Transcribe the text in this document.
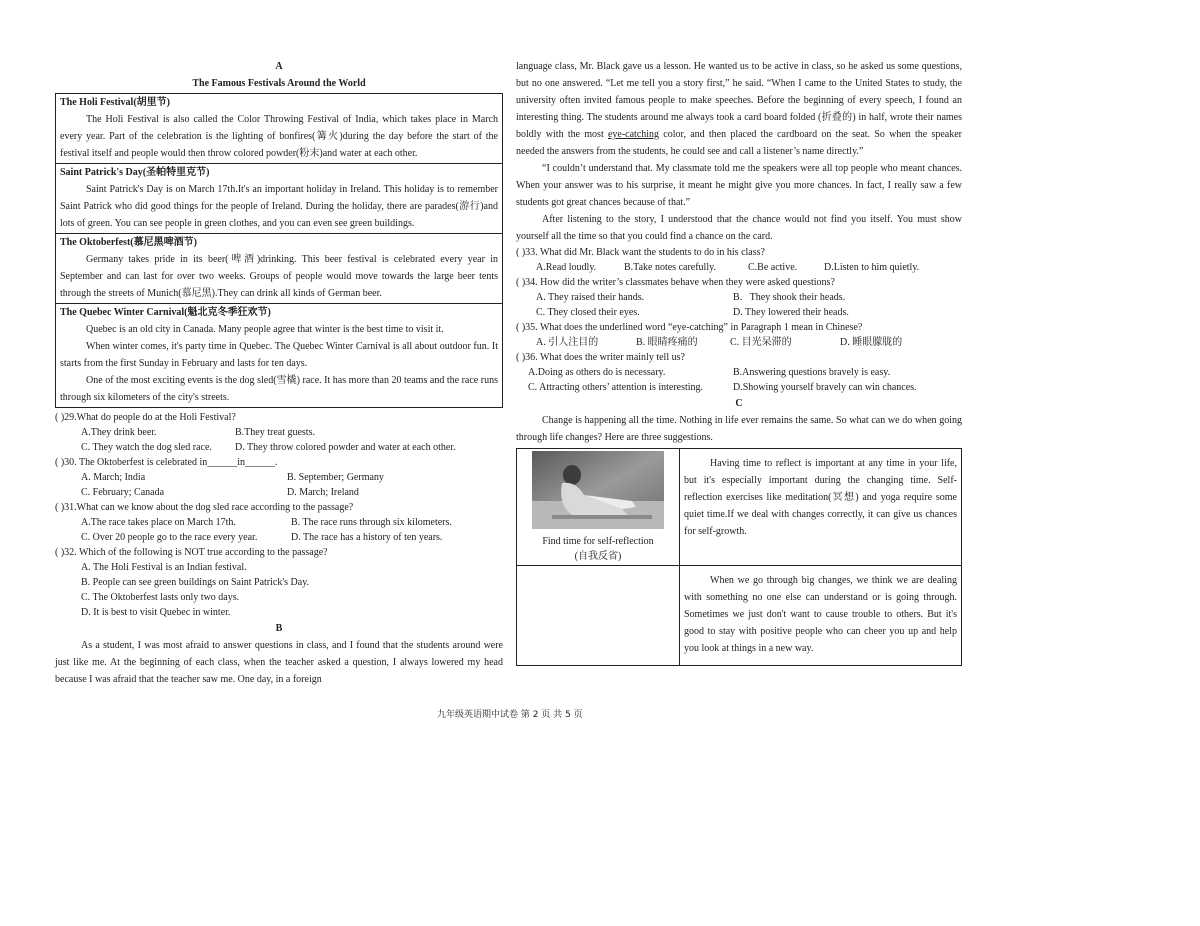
A
The Famous Festivals Around the World
The Holi Festival(胡里节)

The Holi Festival is also called the Color Throwing Festival of India, which takes place in March every year. Part of the celebration is the lighting of bonfires(篝火)during the day before the start of the festival itself and people would then throw colored powder(粉末)and water at each other.

Saint Patrick's Day(圣帕特里克节)

Saint Patrick's Day is on March 17th.It's an important holiday in Ireland. This holiday is to remember Saint Patrick who did good things for the people of Ireland. During the holiday, there are parades(游行)and lots of green. You can see people in green clothes, and you can even see green buildings.

The Oktoberfest(慕尼黑啤酒节)

Germany takes pride in its beer(啤酒)drinking. This beer festival is celebrated every year in September and can last for over two weeks. Groups of people would move towards the large beer tents through the streets of Munich(慕尼黑).They can drink all kinds of German beer.

The Quebec Winter Carnival(魁北克冬季狂欢节)

Quebec is an old city in Canada. Many people agree that winter is the best time to visit it.

When winter comes, it's party time in Quebec. The Quebec Winter Carnival is all about outdoor fun. It starts from the first Sunday in February and lasts for ten days.

One of the most exciting events is the dog sled(雪橇) race. It has more than 20 teams and the race runs through six kilometers of the city's streets.

( )29.What do people do at the Holi Festival?
A.They drink beer.	B.They treat guests.
C. They watch the dog sled race.	D. They throw colored powder and water at each other.
( )30. The Oktoberfest is celebrated in______in______.
A. March; India	B. September; Germany
C. February; Canada	D. March; Ireland
( )31.What can we know about the dog sled race according to the passage?
A.The race takes place on March 17th.	B. The race runs through six kilometers.
C. Over 20 people go to the race every year.	D. The race has a history of ten years.
( )32. Which of the following is NOT true according to the passage?
A. The Holi Festival is an Indian festival.
B. People can see green buildings on Saint Patrick's Day.
C. The Oktoberfest lasts only two days.
D. It is best to visit Quebec in winter.
B

As a student, I was most afraid to answer questions in class, and I found that the students around were just like me. At the beginning of each class, when the teacher asked a question, I always lowered my head because I was afraid that the teacher saw me. One day, in a foreign

language class, Mr. Black gave us a lesson. He wanted us to be active in class, so he asked us some questions, but no one answered. “Let me tell you a story first,” he said. “When I came to the United States to study, the university often invited famous people to make speeches. Before the beginning of every speech, I found an interesting thing. The students around me always took a card board folded (折叠的) in half, wrote their names boldly with the most eye-catching color, and then placed the cardboard on the seat. So when the speaker needed the answers from the students, he could see and call a listener’s name directly.”

“I couldn’t understand that. My classmate told me the speakers were all top people who meant chances. When your answer was to his surprise, it meant he might give you more chances. In fact, I really saw a few students got great chances because of that.”

After listening to the story, I understood that the chance would not find you itself. You must show yourself all the time so that you could find a chance on the card.

( )33. What did Mr. Black want the students to do in his class?
A.Read loudly.	B.Take notes carefully.	C.Be active.	D.Listen to him quietly.
( )34. How did the writer’s classmates behave when they were asked questions?
A. They raised their hands.	B．They shook their heads.
C. They closed their eyes.	D. They lowered their heads.
( )35. What does the underlined word “eye-catching” in Paragraph 1 mean in Chinese?
A. 引人注目的	B. 眼睛疼痛的	C. 目光呆滞的	D. 睡眼朦胧的
( )36. What does the writer mainly tell us?
A.Doing as others do is necessary.	B.Answering questions bravely is easy.
C. Attracting others’ attention is interesting.	D.Showing yourself bravely can win chances.
C

Change is happening all the time. Nothing in life ever remains the same. So what can we do when going through life changes? Here are three suggestions.

Find time for self-reflection
(自我反省)

Having time to reflect is important at any time in your life, but it's especially important during the changing time. Self- reflection exercises like meditation(冥想) and yoga require some quiet time.If we deal with changes correctly, it can give us chances for self-growth.

When we go through big changes, we think we are dealing with something no one else can understand or is going through. Sometimes we just don't want to cause trouble to others. But it's good to stay with positive people who can cheer you up and help you look at things in a new way.

九年级英语期中试卷 第 2 页 共 5 页
